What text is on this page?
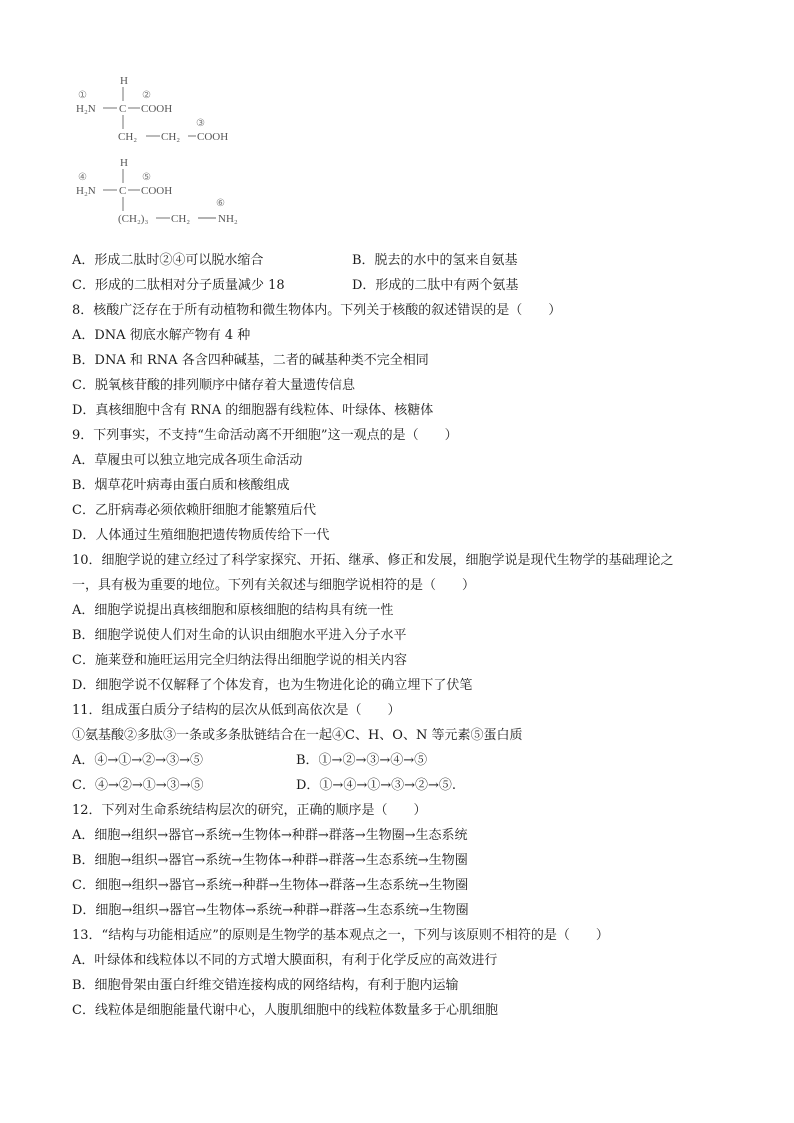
①
H
②
H₂N C COOH
③
CH₂ CH₂ COOH
H
④	⑤
H₂N C COOH
⑥
(CH₂)₃ CH₂	NH₂
A．形成二肽时②④可以脱水缩合	B．脱去的水中的氢来自氨基
C．形成的二肽相对分子质量减少 18	D．形成的二肽中有两个氨基
8．核酸广泛存在于所有动植物和微生物体内。下列关于核酸的叙述错误的是（　　）
A．DNA 彻底水解产物有 4 种
B．DNA 和 RNA 各含四种碱基，二者的碱基种类不完全相同
C．脱氧核苷酸的排列顺序中储存着大量遗传信息
D．真核细胞中含有 RNA 的细胞器有线粒体、叶绿体、核糖体
9．下列事实，不支持“生命活动离不开细胞”这一观点的是（　　）
A．草履虫可以独立地完成各项生命活动
B．烟草花叶病毒由蛋白质和核酸组成
C．乙肝病毒必须依赖肝细胞才能繁殖后代
D．人体通过生殖细胞把遗传物质传给下一代
10．细胞学说的建立经过了科学家探究、开拓、继承、修正和发展，细胞学说是现代生物学的基础理论之
一，具有极为重要的地位。下列有关叙述与细胞学说相符的是（　　）
A．细胞学说提出真核细胞和原核细胞的结构具有统一性
B．细胞学说使人们对生命的认识由细胞水平进入分子水平
C．施莱登和施旺运用完全归纳法得出细胞学说的相关内容
D．细胞学说不仅解释了个体发育，也为生物进化论的确立埋下了伏笔
11．组成蛋白质分子结构的层次从低到高依次是（　　）
①氨基酸②多肽③一条或多条肽链结合在一起④C、H、O、N 等元素⑤蛋白质
A．④→①→②→③→⑤	B．①→②→③→④→⑤
C．④→②→①→③→⑤	D．①→④→①→③→②→⑤.
12．下列对生命系统结构层次的研究，正确的顺序是（　　）
A．细胞→组织→器官→系统→生物体→种群→群落→生物圈→生态系统
B．细胞→组织→器官→系统→生物体→种群→群落→生态系统→生物圈
C．细胞→组织→器官→系统→种群→生物体→群落→生态系统→生物圈
D．细胞→组织→器官→生物体→系统→种群→群落→生态系统→生物圈
13．“结构与功能相适应”的原则是生物学的基本观点之一，下列与该原则不相符的是（　　）
A．叶绿体和线粒体以不同的方式增大膜面积，有利于化学反应的高效进行
B．细胞骨架由蛋白纤维交错连接构成的网络结构，有利于胞内运输
C．线粒体是细胞能量代谢中心，人腹肌细胞中的线粒体数量多于心肌细胞
